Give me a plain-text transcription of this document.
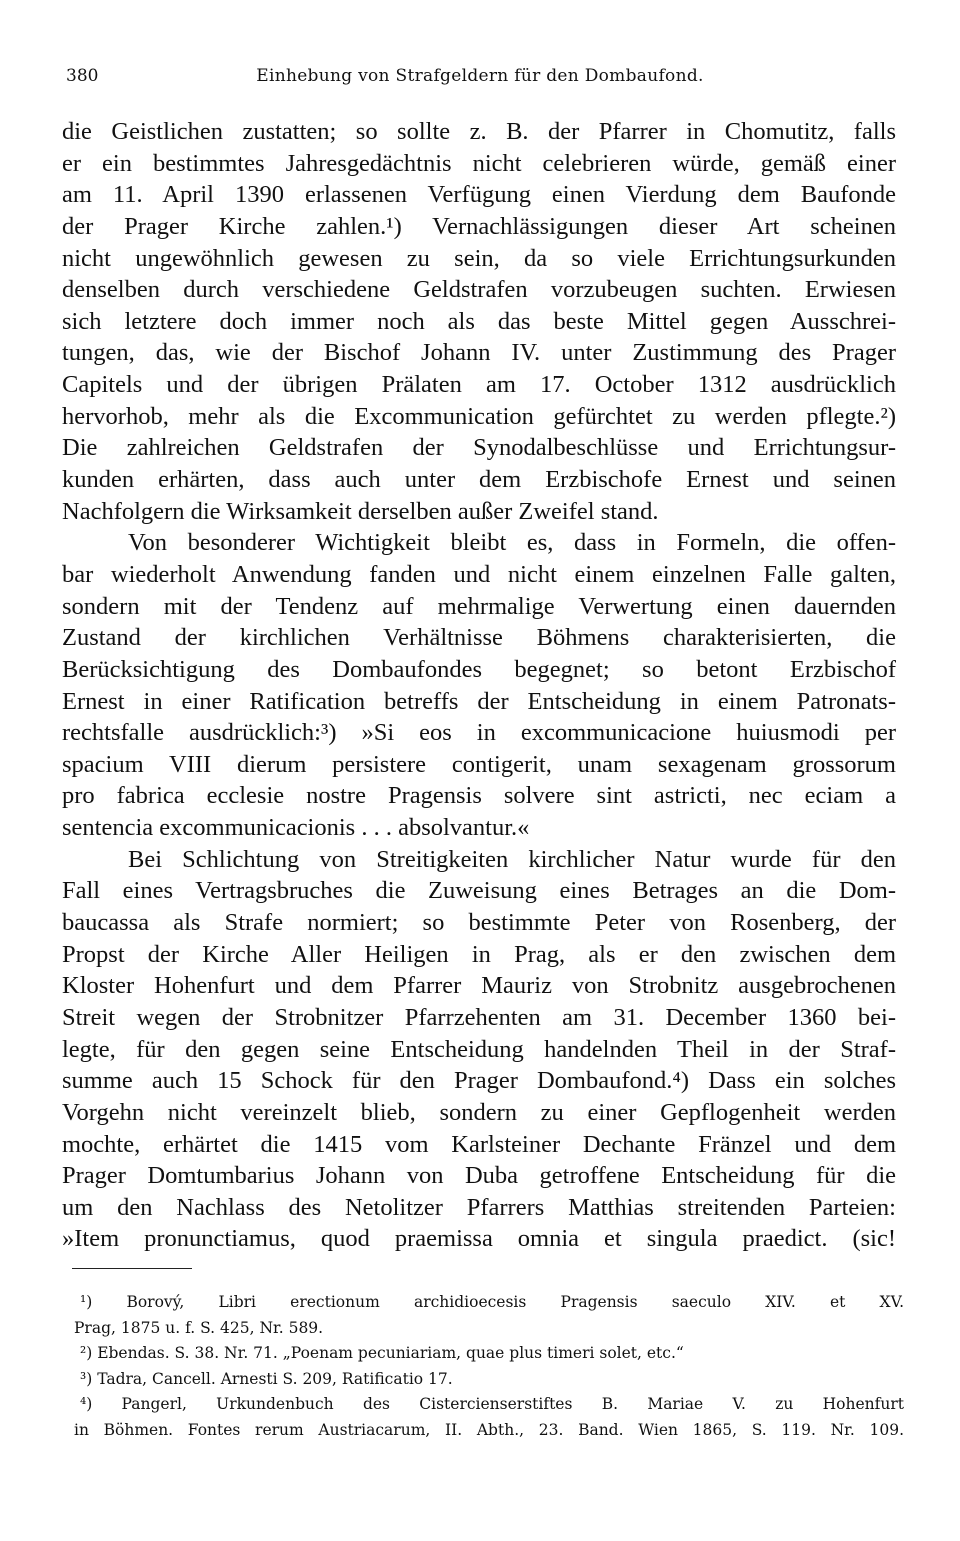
380	Einhebung von Strafgeldern für den Dombaufond.
die Geistlichen zustatten; so sollte z. B. der Pfarrer in Chomutitz, falls
er ein bestimmtes Jahresgedächtnis nicht celebrieren würde, gemäß einer
am 11. April 1390 erlassenen Verfügung einen Vierdung dem Baufonde
der Prager Kirche zahlen.¹) Vernachlässigungen dieser Art scheinen
nicht ungewöhnlich gewesen zu sein, da so viele Errichtungsurkunden
denselben durch verschiedene Geldstrafen vorzubeugen suchten. Erwiesen
sich letztere doch immer noch als das beste Mittel gegen Ausschrei-
tungen, das, wie der Bischof Johann IV. unter Zustimmung des Prager
Capitels und der übrigen Prälaten am 17. October 1312 ausdrücklich
hervorhob, mehr als die Excommunication gefürchtet zu werden pflegte.²)
Die zahlreichen Geldstrafen der Synodalbeschlüsse und Errichtungsur-
kunden erhärten, dass auch unter dem Erzbischofe Ernest und seinen
Nachfolgern die Wirksamkeit derselben außer Zweifel stand.
Von besonderer Wichtigkeit bleibt es, dass in Formeln, die offen-
bar wiederholt Anwendung fanden und nicht einem einzelnen Falle galten,
sondern mit der Tendenz auf mehrmalige Verwertung einen dauernden
Zustand der kirchlichen Verhältnisse Böhmens charakterisierten, die
Berücksichtigung des Dombaufondes begegnet; so betont Erzbischof
Ernest in einer Ratification betreffs der Entscheidung in einem Patronats-
rechtsfalle ausdrücklich:³) »Si eos in excommunicacione huiusmodi per
spacium VIII dierum persistere contigerit, unam sexagenam grossorum
pro fabrica ecclesie nostre Pragensis solvere sint astricti, nec eciam a
sentencia excommunicacionis . . . absolvantur.«
Bei Schlichtung von Streitigkeiten kirchlicher Natur wurde für den
Fall eines Vertragsbruches die Zuweisung eines Betrages an die Dom-
baucassa als Strafe normiert; so bestimmte Peter von Rosenberg, der
Propst der Kirche Aller Heiligen in Prag, als er den zwischen dem
Kloster Hohenfurt und dem Pfarrer Mauriz von Strobnitz ausgebrochenen
Streit wegen der Strobnitzer Pfarrzehenten am 31. December 1360 bei-
legte, für den gegen seine Entscheidung handelnden Theil in der Straf-
summe auch 15 Schock für den Prager Dombaufond.⁴) Dass ein solches
Vorgehn nicht vereinzelt blieb, sondern zu einer Gepflogenheit werden
mochte, erhärtet die 1415 vom Karlsteiner Dechante Fränzel und dem
Prager Domtumbarius Johann von Duba getroffene Entscheidung für die
um den Nachlass des Netolitzer Pfarrers Matthias streitenden Parteien:
»Item pronunctiamus, quod praemissa omnia et singula praedict. (sic!
¹) Borový, Libri erectionum archidioecesis Pragensis saeculo XIV. et XV.
Prag, 1875 u. f. S. 425, Nr. 589.
²) Ebendas. S. 38. Nr. 71. „Poenam pecuniariam, quae plus timeri solet, etc.“
³) Tadra, Cancell. Arnesti S. 209, Ratificatio 17.
⁴) Pangerl, Urkundenbuch des Cistercienserstiftes B. Mariae V. zu Hohenfurt
in Böhmen. Fontes rerum Austriacarum, II. Abth., 23. Band. Wien 1865, S. 119. Nr. 109.
